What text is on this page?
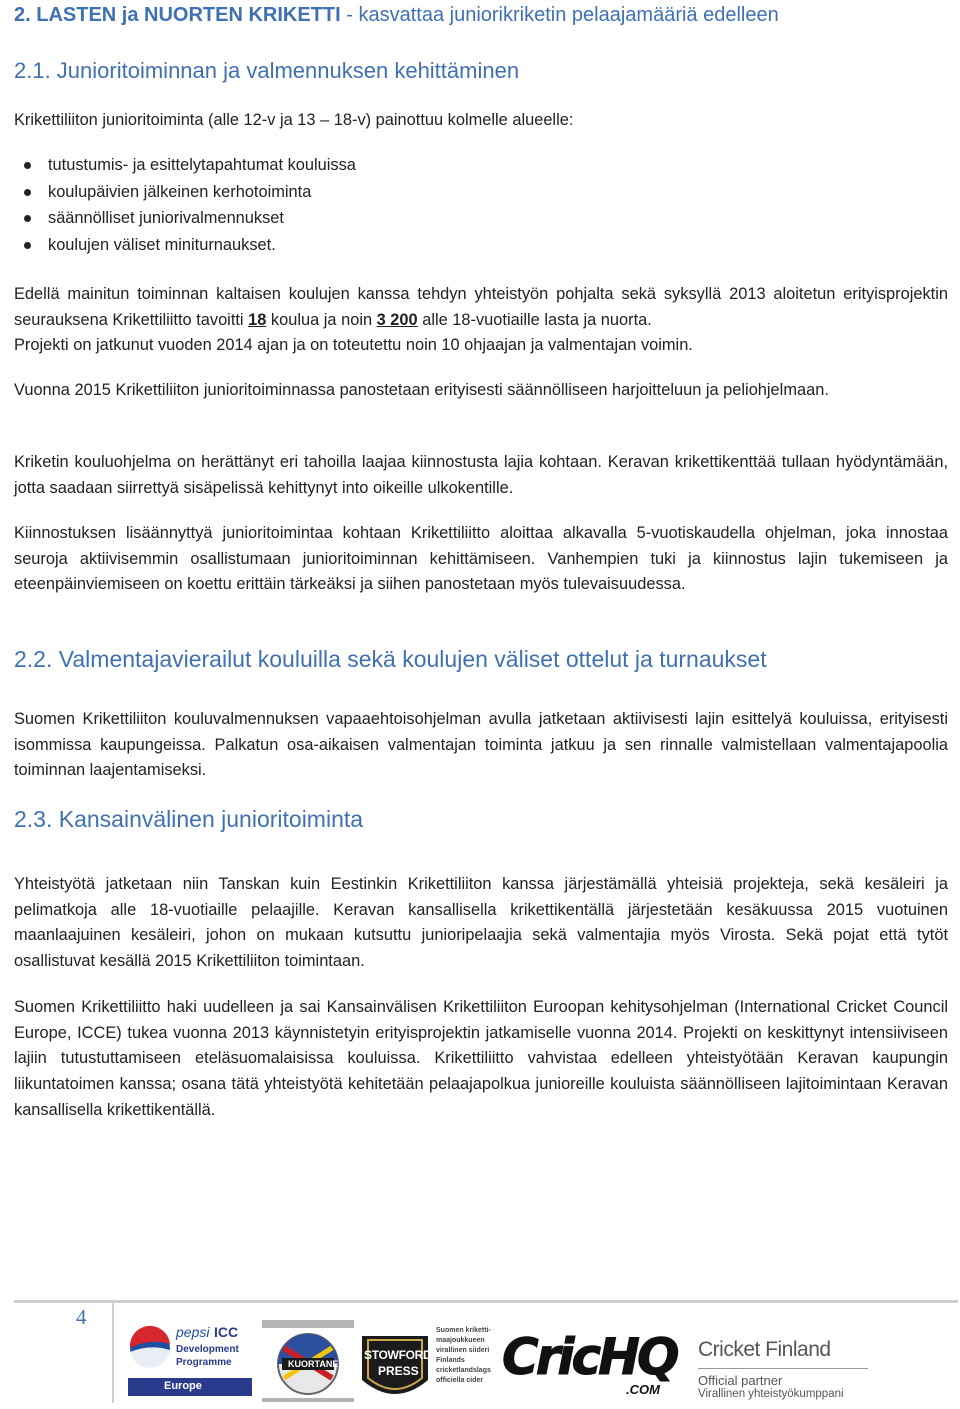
2. LASTEN ja NUORTEN KRIKETTI - kasvattaa juniorikriketin pelaajamääriä edelleen
2.1. Junioritoiminnan ja valmennuksen kehittäminen

Krikettiliiton junioritoiminta (alle 12-v ja 13 – 18-v) painottuu kolmelle alueelle:

tutustumis- ja esittelytapahtumat kouluissa
koulupäivien jälkeinen kerhotoiminta
säännölliset juniorivalmennukset
koulujen väliset miniturnaukset.

Edellä mainitun toiminnan kaltaisen koulujen kanssa tehdyn yhteistyön pohjalta sekä syksyllä 2013 aloitetun erityisprojektin seurauksena Krikettiliitto tavoitti 18 koulua ja noin 3 200 alle 18-vuotiaille lasta ja nuorta.
Projekti on jatkunut vuoden 2014 ajan ja on toteutettu noin 10 ohjaajan ja valmentajan voimin.

Vuonna 2015 Krikettiliiton junioritoiminnassa panostetaan erityisesti säännölliseen harjoitteluun ja peliohjelmaan.

Kriketin kouluohjelma on herättänyt eri tahoilla laajaa kiinnostusta lajia kohtaan. Keravan krikettikenttää tullaan hyödyntämään, jotta saadaan siirrettyä sisäpelissä kehittynyt into oikeille ulkokentille.

Kiinnostuksen lisäännyttyä junioritoimintaa kohtaan Krikettiliitto aloittaa alkavalla 5-vuotiskaudella ohjelman, joka innostaa seuroja aktiivisemmin osallistumaan junioritoiminnan kehittämiseen. Vanhempien tuki ja kiinnostus lajin tukemiseen ja eteenpäinviemiseen on koettu erittäin tärkeäksi ja siihen panostetaan myös tulevaisuudessa.

2.2. Valmentajavierailut kouluilla sekä koulujen väliset ottelut ja turnaukset

Suomen Krikettiliiton kouluvalmennuksen vapaaehtoisohjelman avulla jatketaan aktiivisesti lajin esittelyä kouluissa, erityisesti isommissa kaupungeissa. Palkatun osa-aikaisen valmentajan toiminta jatkuu ja sen rinnalle valmistellaan valmentajapoolia toiminnan laajentamiseksi.

2.3. Kansainvälinen junioritoiminta

Yhteistyötä jatketaan niin Tanskan kuin Eestinkin Krikettiliiton kanssa järjestämällä yhteisiä projekteja, sekä kesäleiri ja pelimatkoja alle 18-vuotiaille pelaajille. Keravan kansallisella krikettikentällä järjestetään kesäkuussa 2015 vuotuinen maanlaajuinen kesäleiri, johon on mukaan kutsuttu junioripelaajia sekä valmentajia myös Virosta. Sekä pojat että tytöt osallistuvat kesällä 2015 Krikettiliiton toimintaan.

Suomen Krikettiliitto haki uudelleen ja sai Kansainvälisen Krikettiliiton Euroopan kehitysohjelman (International Cricket Council Europe, ICCE) tukea vuonna 2013 käynnistetyin erityisprojektin jatkamiselle vuonna 2014. Projekti on keskittynyt intensiiviseen lajiin tutustuttamiseen eteläsuomalaisissa kouluissa. Krikettiliitto vahvistaa edelleen yhteistyötään Keravan kaupungin liikuntatoimen kanssa; osana tätä yhteistyötä kehitetään pelaajapolkua junioreille kouluista säännölliseen lajitoimintaan Keravan kansallisella krikettikentällä.

4
pepsi ICC
Development
Programme
Europe
KUORTANE
STOWFORD
PRESS
Suomen kriketti-
maajoukkueen
virallinen siideri
Finlands
cricketlandslags
officiella cider CricHQ
.COM
Cricket Finland
Official partner
Virallinen yhteistyökumppani
